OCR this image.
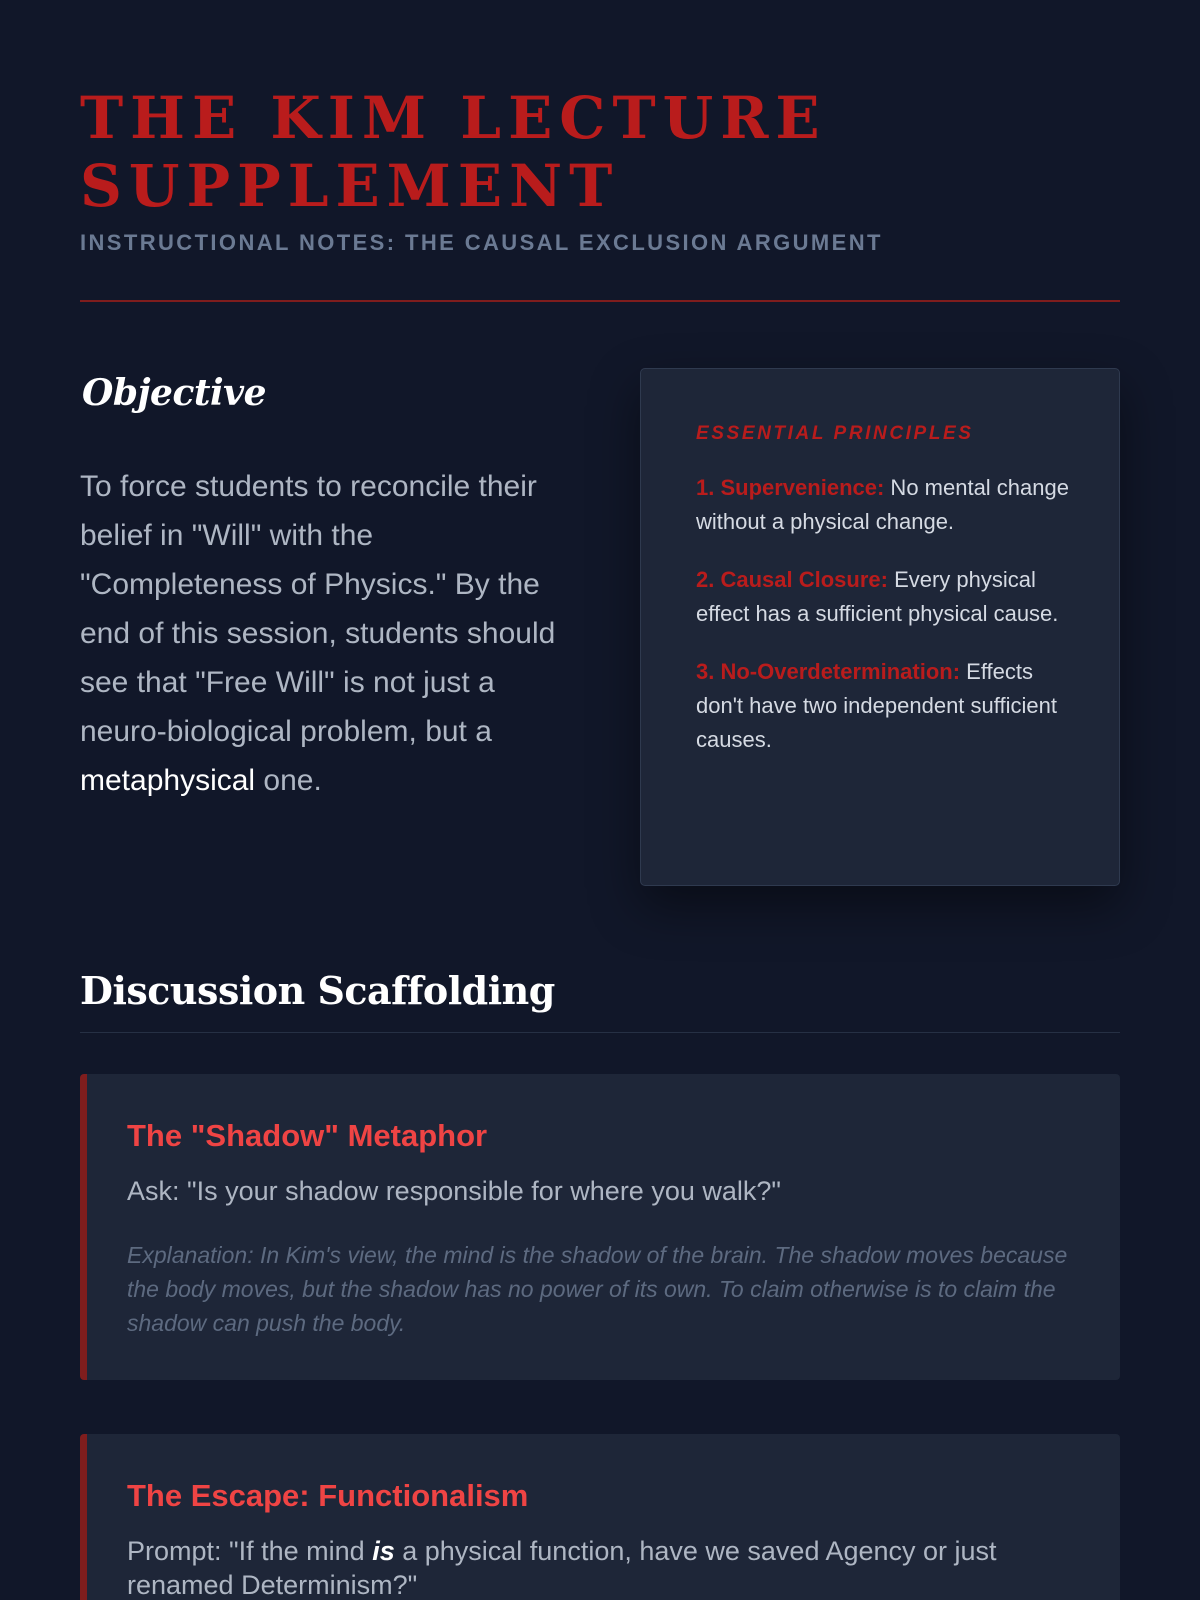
THE KIM LECTURE SUPPLEMENT
INSTRUCTIONAL NOTES: THE CAUSAL EXCLUSION ARGUMENT
Objective

To force students to reconcile their belief in "Will" with the "Completeness of Physics." By the end of this session, students should see that "Free Will" is not just a neuro-biological problem, but a metaphysical one.

ESSENTIAL PRINCIPLES

1. Supervenience: No mental change without a physical change.

2. Causal Closure: Every physical effect has a sufficient physical cause.

3. No-Overdetermination: Effects don't have two independent sufficient causes.

Discussion Scaffolding
The "Shadow" Metaphor

Ask: "Is your shadow responsible for where you walk?"

Explanation: In Kim's view, the mind is the shadow of the brain. The shadow moves because the body moves, but the shadow has no power of its own. To claim otherwise is to claim the shadow can push the body.

The Escape: Functionalism

Prompt: "If the mind is a physical function, have we saved Agency or just renamed Determinism?"
